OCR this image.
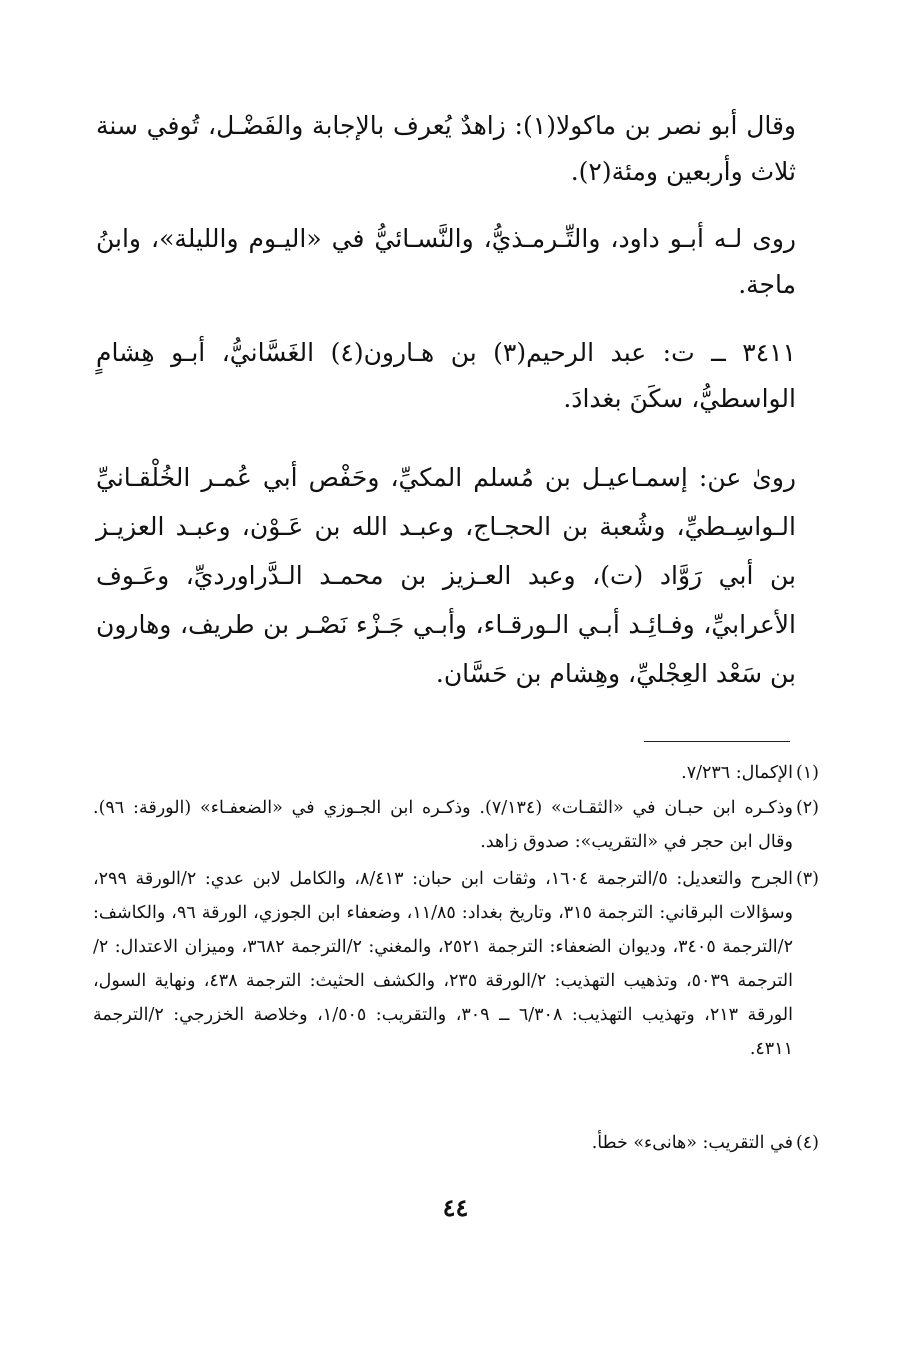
وقال أبو نصر بن ماكولا(١): زاهدٌ يُعرف بالإجابة والفَضْـل، تُوفي سنة ثلاث وأربعين ومئة(٢).

روى لـه أبـو داود، والتِّـرمـذيُّ، والنَّسـائيُّ في «اليـوم والليلة»، وابنُ ماجة.

٣٤١١ ــ ت: عبد الرحيم(٣) بن هـارون(٤) الغَسَّانيُّ، أبـو هِشامٍ الواسطيُّ، سكَنَ بغدادَ.

روىٰ عن: إسمـاعيـل بن مُسلم المكيِّ، وحَفْص أبي عُمـر الخُلْقـانيِّ الـواسِـطيِّ، وشُعبة بن الحجـاج، وعبـد الله بن عَـوْن، وعبـد العزيـز بن أبي رَوَّاد (ت)، وعبد العـزيز بن محمـد الـدَّراورديِّ، وعَـوف الأعرابيِّ، وفـائِـد أبـي الـورقـاء، وأبـي جَـزْء نَصْـر بن طريف، وهارون بن سَعْد العِجْليِّ، وهِشام بن حَسَّان.

(١)

الإكمال: ٧/٢٣٦.

(٢)

وذكـره ابن حبـان في «الثقـات» (٧/١٣٤). وذكـره ابن الجـوزي في «الضعفـاء» (الورقة: ٩٦). وقال ابن حجر في «التقريب»: صدوق زاهد.

(٣)

الجرح والتعديل: ٥/الترجمة ١٦٠٤، وثقات ابن حبان: ٨/٤١٣، والكامل لابن عدي: ٢/الورقة ٢٩٩، وسؤالات البرقاني: الترجمة ٣١٥، وتاريخ بغداد: ١١/٨٥، وضعفاء ابن الجوزي، الورقة ٩٦، والكاشف: ٢/الترجمة ٣٤٠٥، وديوان الضعفاء: الترجمة ٢٥٢١، والمغني: ٢/الترجمة ٣٦٨٢، وميزان الاعتدال: ٢/الترجمة ٥٠٣٩، وتذهيب التهذيب: ٢/الورقة ٢٣٥، والكشف الحثيث: الترجمة ٤٣٨، ونهاية السول، الورقة ٢١٣، وتهذيب التهذيب: ٦/٣٠٨ ــ ٣٠٩، والتقريب: ١/٥٠٥، وخلاصة الخزرجي: ٢/الترجمة ٤٣١١.

(٤)

في التقريب: «هانىء» خطأ.

٤٤
